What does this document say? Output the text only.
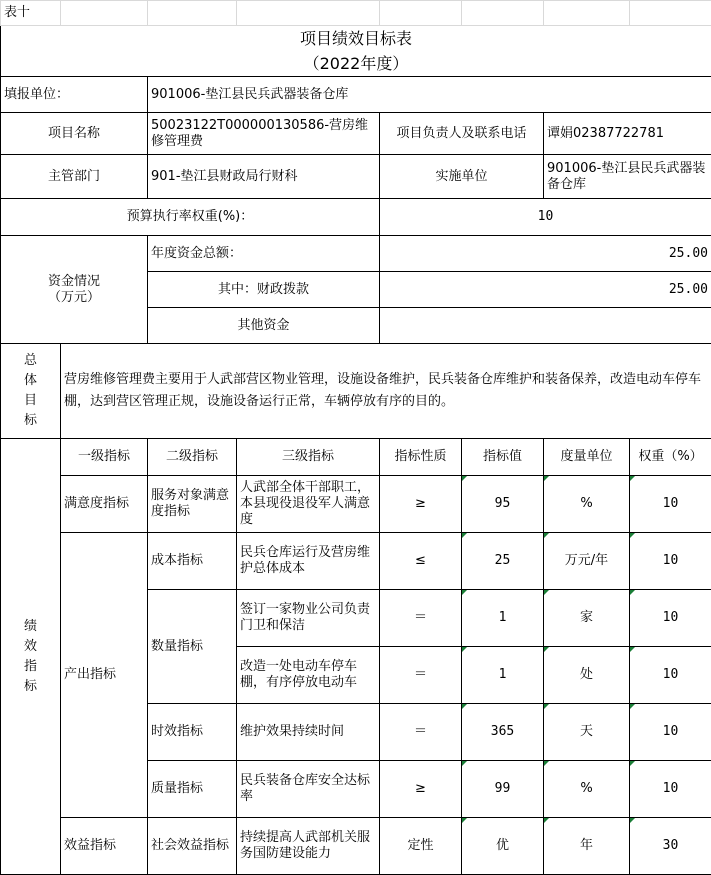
表十							
项目绩效目标表							
（2022年度）							
填报单位：		901006-垫江县民兵武器装备仓库					
项目名称		50023122T000000130586-营房维修管理费		项目负责人及联系电话		谭娟02387722781	
主管部门		901-垫江县财政局行财科		实施单位		901006-垫江县民兵武器装备仓库	
预算执行率权重(%)：				10			

资金情况
（万元）		年度资金总额：		25.00			
		其中：财政拨款		25.00			
		其他资金					

总
体
目
标	营房维修管理费主要用于人武部营区物业管理，设施设备维护，民兵装备仓库维护和装备保养，改造电动车停车棚，达到营区管理正规，设施设备运行正常，车辆停放有序的目的。						

绩
效
指
标	一级指标	二级指标	三级指标	指标性质	指标值	度量单位	权重（%）
	满意度指标	服务对象满意度指标	人武部全体干部职工，本县现役退役军人满意度	≥	95	%	10
	产出指标	成本指标	民兵仓库运行及营房维护总体成本	≤	25	万元/年	10
		数量指标	签订一家物业公司负责门卫和保洁	＝	1	家	10
			改造一处电动车停车棚，有序停放电动车	＝	1	处	10
		时效指标	维护效果持续时间	＝	365	天	10
		质量指标	民兵装备仓库安全达标率	≥	99	%	10
	效益指标	社会效益指标	持续提高人武部机关服务国防建设能力	定性	优	年	30
